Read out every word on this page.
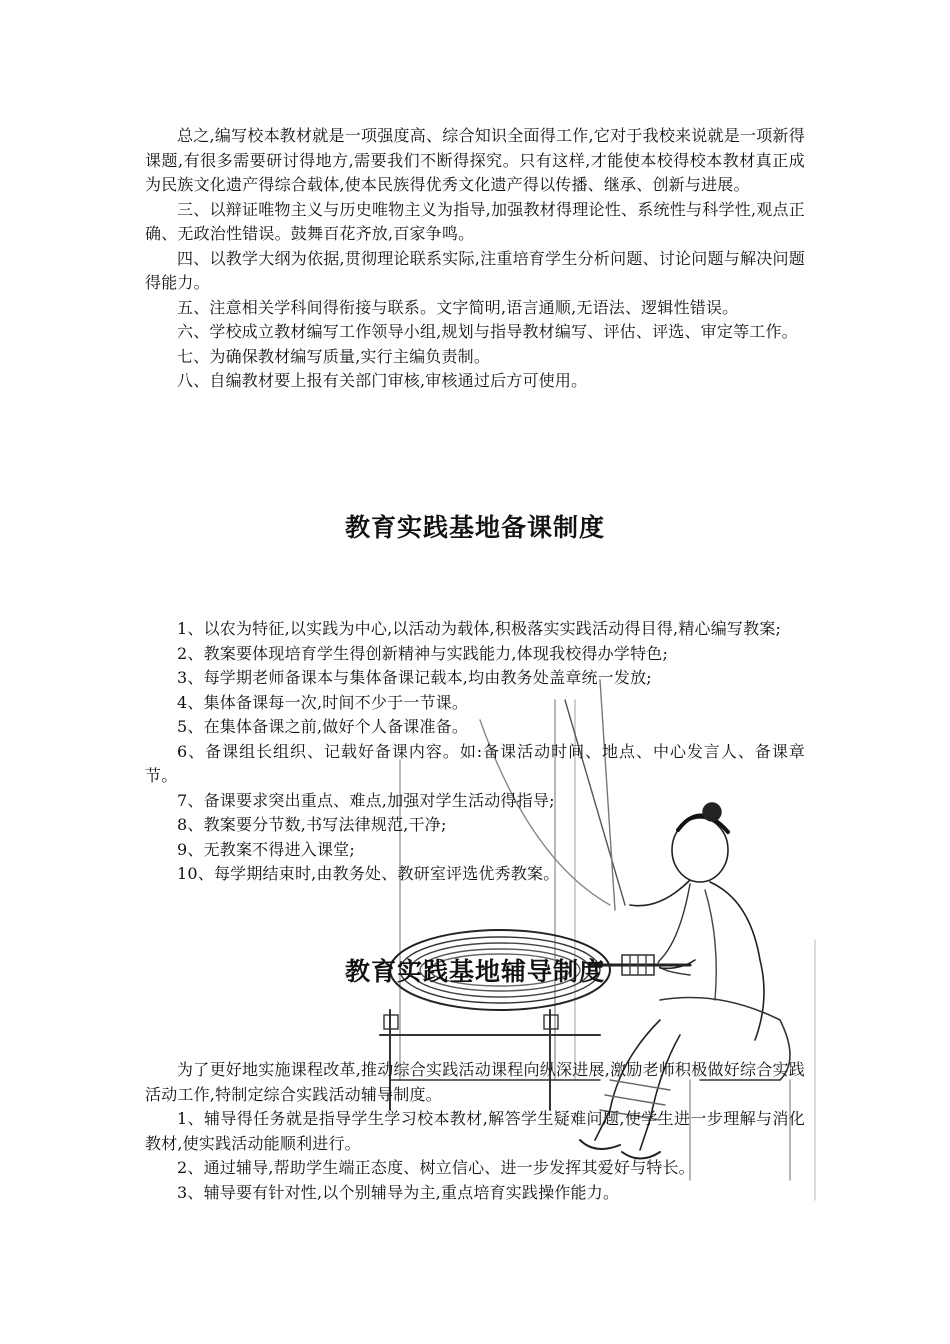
总之,编写校本教材就是一项强度高、综合知识全面得工作,它对于我校来说就是一项新得课题,有很多需要研讨得地方,需要我们不断得探究。只有这样,才能使本校得校本教材真正成为民族文化遗产得综合载体,使本民族得优秀文化遗产得以传播、继承、创新与进展。

三、以辩证唯物主义与历史唯物主义为指导,加强教材得理论性、系统性与科学性,观点正确、无政治性错误。鼓舞百花齐放,百家争鸣。

四、以教学大纲为依据,贯彻理论联系实际,注重培育学生分析问题、讨论问题与解决问题得能力。

五、注意相关学科间得衔接与联系。文字简明,语言通顺,无语法、逻辑性错误。

六、学校成立教材编写工作领导小组,规划与指导教材编写、评估、评选、审定等工作。

七、为确保教材编写质量,实行主编负责制。

八、自编教材要上报有关部门审核,审核通过后方可使用。

教育实践基地备课制度

1、以农为特征,以实践为中心,以活动为载体,积极落实实践活动得目得,精心编写教案;

2、教案要体现培育学生得创新精神与实践能力,体现我校得办学特色;

3、每学期老师备课本与集体备课记载本,均由教务处盖章统一发放;

4、集体备课每一次,时间不少于一节课。

5、在集体备课之前,做好个人备课准备。

6、备课组长组织、记载好备课内容。如:备课活动时间、地点、中心发言人、备课章节。

7、备课要求突出重点、难点,加强对学生活动得指导;

8、教案要分节数,书写法律规范,干净;

9、无教案不得进入课堂;

10、每学期结束时,由教务处、教研室评选优秀教案。

教育实践基地辅导制度

为了更好地实施课程改革,推动综合实践活动课程向纵深进展,激励老师积极做好综合实践活动工作,特制定综合实践活动辅导制度。

1、辅导得任务就是指导学生学习校本教材,解答学生疑难问题,使学生进一步理解与消化教材,使实践活动能顺利进行。

2、通过辅导,帮助学生端正态度、树立信心、进一步发挥其爱好与特长。

3、辅导要有针对性,以个别辅导为主,重点培育实践操作能力。
